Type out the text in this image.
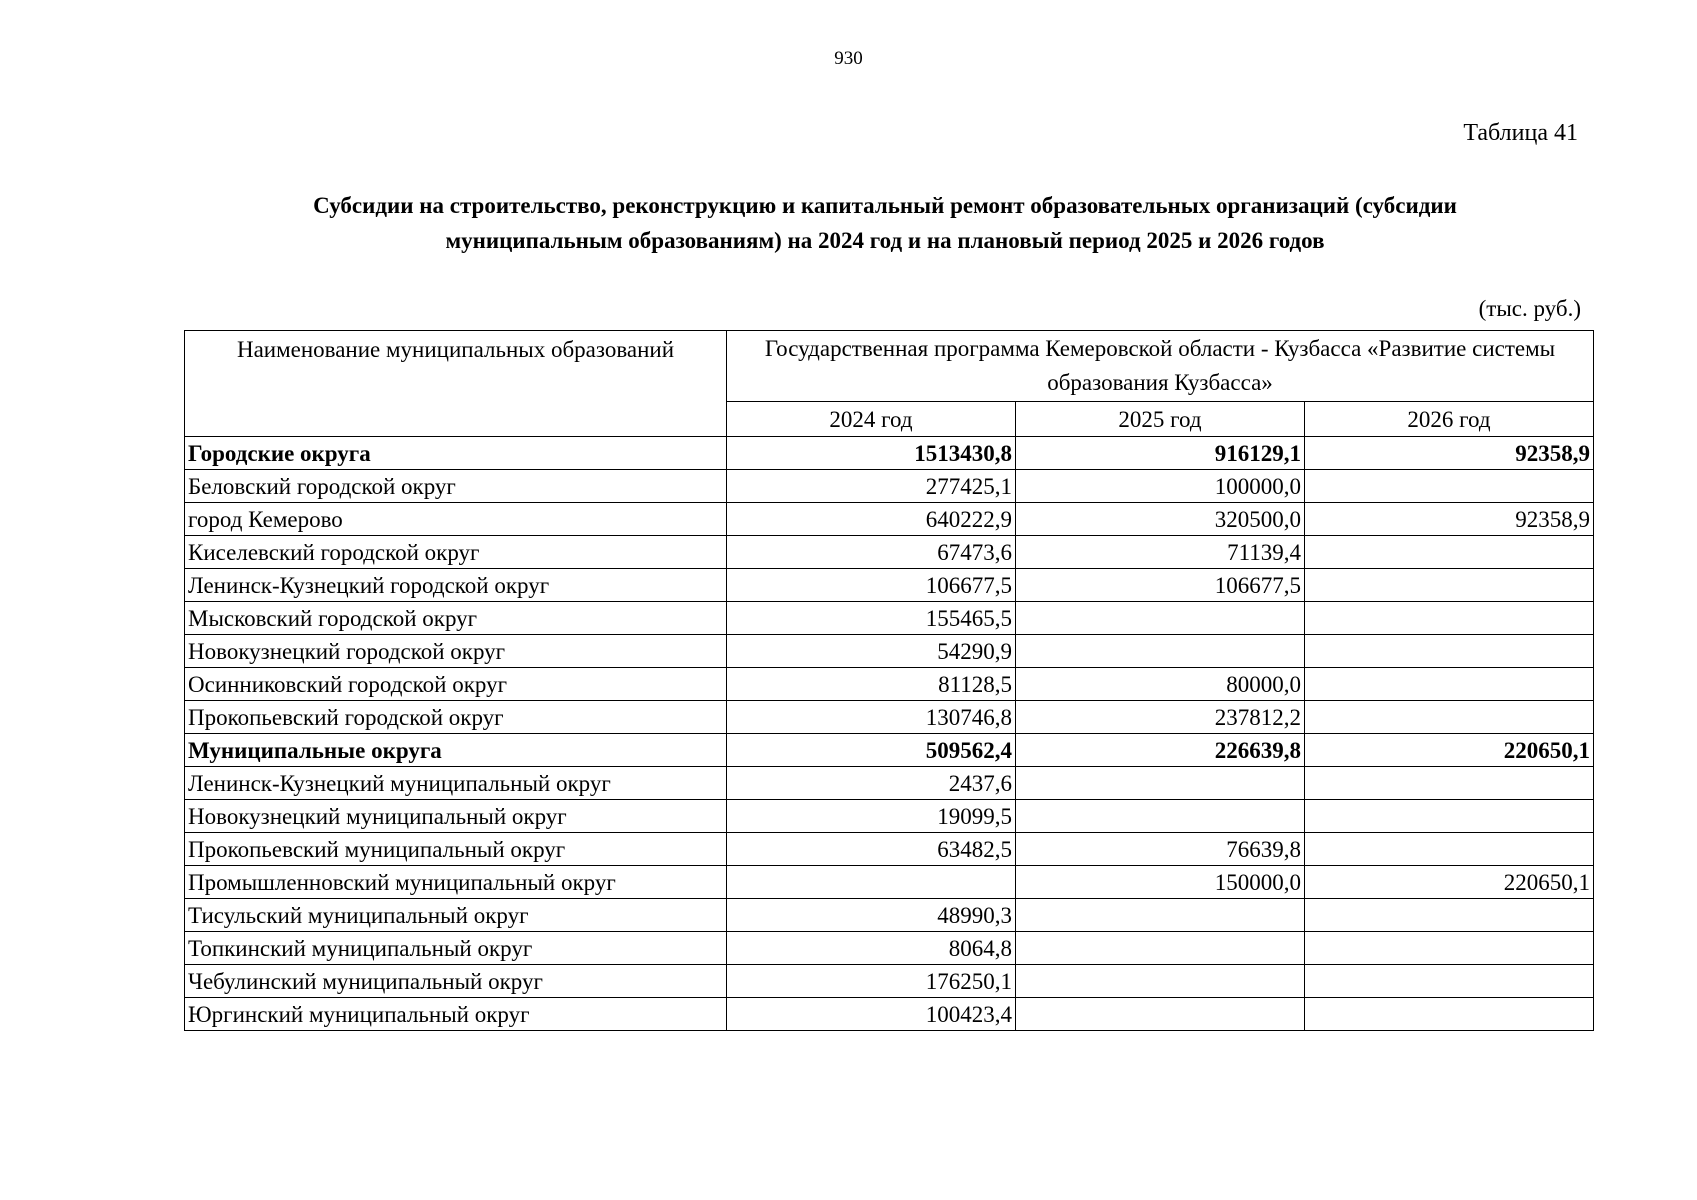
930
Таблица 41
Субсидии на строительство, реконструкцию и капитальный ремонт образовательных организаций (субсидии
муниципальным образованиям) на 2024 год и на плановый период 2025 и 2026 годов
(тыс. руб.)
Наименование муниципальных образований	Государственная программа Кемеровской области - Кузбасса «Развитие системы образования Кузбасса»		
	2024 год	2025 год	2026 год
Городские округа	1513430,8	916129,1	92358,9
Беловский городской округ	277425,1	100000,0	
город Кемерово	640222,9	320500,0	92358,9
Киселевский городской округ	67473,6	71139,4	
Ленинск-Кузнецкий городской округ	106677,5	106677,5	
Мысковский городской округ	155465,5		
Новокузнецкий городской округ	54290,9		
Осинниковский городской округ	81128,5	80000,0	
Прокопьевский городской округ	130746,8	237812,2	
Муниципальные округа	509562,4	226639,8	220650,1
Ленинск-Кузнецкий муниципальный округ	2437,6		
Новокузнецкий муниципальный округ	19099,5		
Прокопьевский муниципальный округ	63482,5	76639,8	
Промышленновский муниципальный округ		150000,0	220650,1
Тисульский муниципальный округ	48990,3		
Топкинский муниципальный округ	8064,8		
Чебулинский муниципальный округ	176250,1		
Юргинский муниципальный округ	100423,4		
